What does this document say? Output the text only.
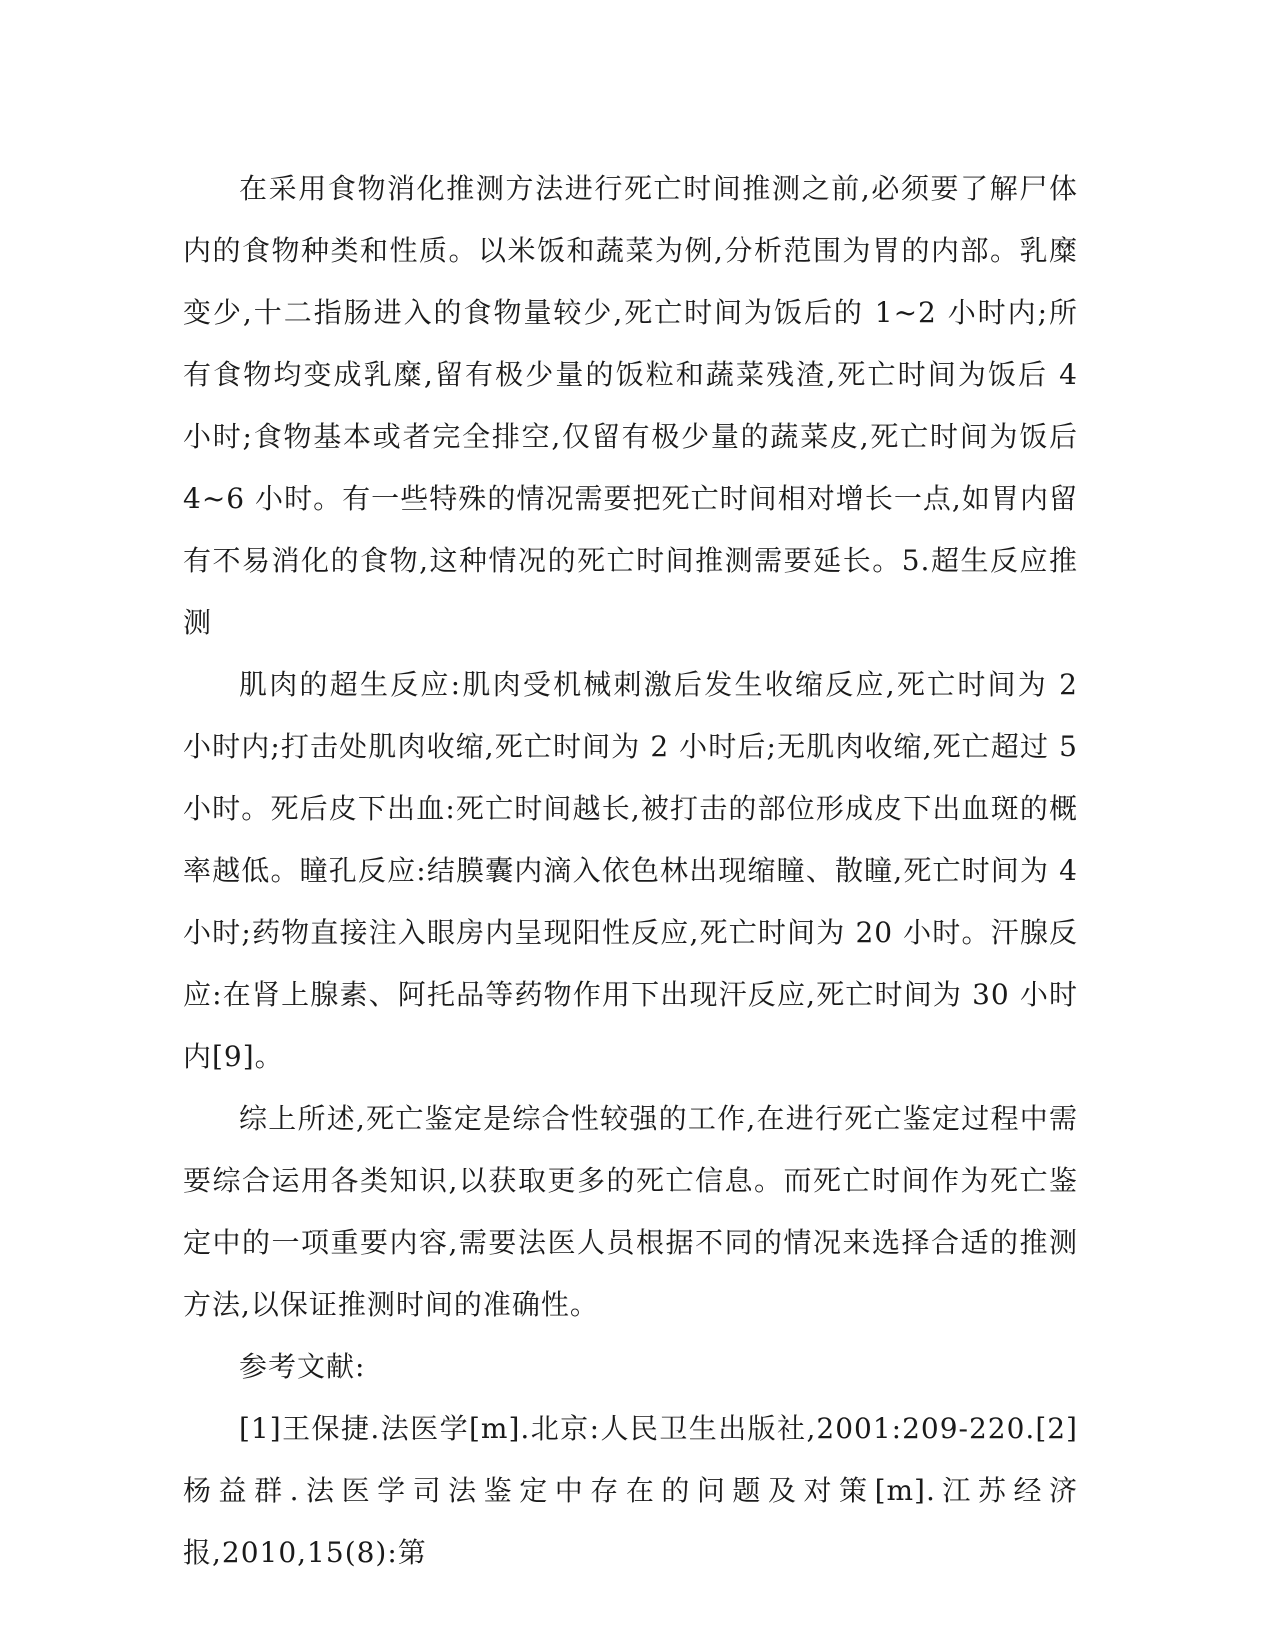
在采用食物消化推测方法进行死亡时间推测之前,必须要了解尸体内的食物种类和性质。以米饭和蔬菜为例,分析范围为胃的内部。乳糜变少,十二指肠进入的食物量较少,死亡时间为饭后的 1~2 小时内;所有食物均变成乳糜,留有极少量的饭粒和蔬菜残渣,死亡时间为饭后 4 小时;食物基本或者完全排空,仅留有极少量的蔬菜皮,死亡时间为饭后 4~6 小时。有一些特殊的情况需要把死亡时间相对增长一点,如胃内留有不易消化的食物,这种情况的死亡时间推测需要延长。5.超生反应推测

肌肉的超生反应:肌肉受机械刺激后发生收缩反应,死亡时间为 2 小时内;打击处肌肉收缩,死亡时间为 2 小时后;无肌肉收缩,死亡超过 5 小时。死后皮下出血:死亡时间越长,被打击的部位形成皮下出血斑的概率越低。瞳孔反应:结膜囊内滴入依色林出现缩瞳、散瞳,死亡时间为 4 小时;药物直接注入眼房内呈现阳性反应,死亡时间为 20 小时。汗腺反应:在肾上腺素、阿托品等药物作用下出现汗反应,死亡时间为 30 小时内[9]。

综上所述,死亡鉴定是综合性较强的工作,在进行死亡鉴定过程中需要综合运用各类知识,以获取更多的死亡信息。而死亡时间作为死亡鉴定中的一项重要内容,需要法医人员根据不同的情况来选择合适的推测方法,以保证推测时间的准确性。

参考文献:

[1]王保捷.法医学[m].北京:人民卫生出版社,2001:209-220.[2]杨益群.法医学司法鉴定中存在的问题及对策[m].江苏经济报,2010,15(8):第
